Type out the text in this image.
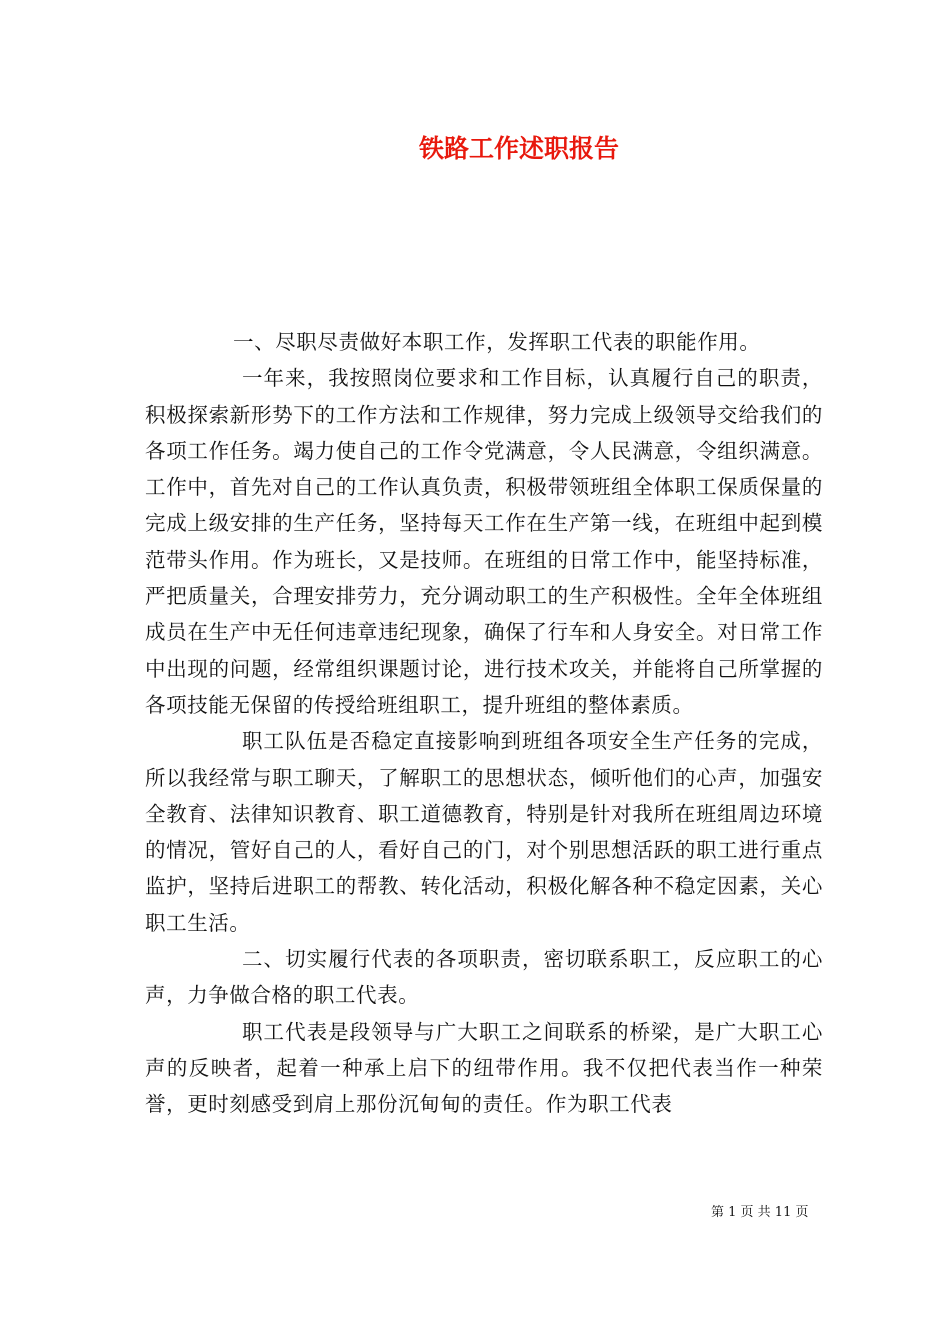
铁路工作述职报告

一、尽职尽责做好本职工作，发挥职工代表的职能作用。

一年来，我按照岗位要求和工作目标，认真履行自己的职责，积极探索新形势下的工作方法和工作规律，努力完成上级领导交给我们的各项工作任务。竭力使自己的工作令党满意，令人民满意，令组织满意。工作中，首先对自己的工作认真负责，积极带领班组全体职工保质保量的完成上级安排的生产任务，坚持每天工作在生产第一线，在班组中起到模范带头作用。作为班长，又是技师。在班组的日常工作中，能坚持标准，严把质量关，合理安排劳力，充分调动职工的生产积极性。全年全体班组成员在生产中无任何违章违纪现象，确保了行车和人身安全。对日常工作中出现的问题，经常组织课题讨论，进行技术攻关，并能将自己所掌握的各项技能无保留的传授给班组职工，提升班组的整体素质。

职工队伍是否稳定直接影响到班组各项安全生产任务的完成，所以我经常与职工聊天，了解职工的思想状态，倾听他们的心声，加强安全教育、法律知识教育、职工道德教育，特别是针对我所在班组周边环境的情况，管好自己的人，看好自己的门，对个别思想活跃的职工进行重点监护，坚持后进职工的帮教、转化活动，积极化解各种不稳定因素，关心职工生活。

二、切实履行代表的各项职责，密切联系职工，反应职工的心声，力争做合格的职工代表。

职工代表是段领导与广大职工之间联系的桥梁，是广大职工心声的反映者，起着一种承上启下的纽带作用。我不仅把代表当作一种荣誉，更时刻感受到肩上那份沉甸甸的责任。作为职工代表

第 1 页 共 11 页
